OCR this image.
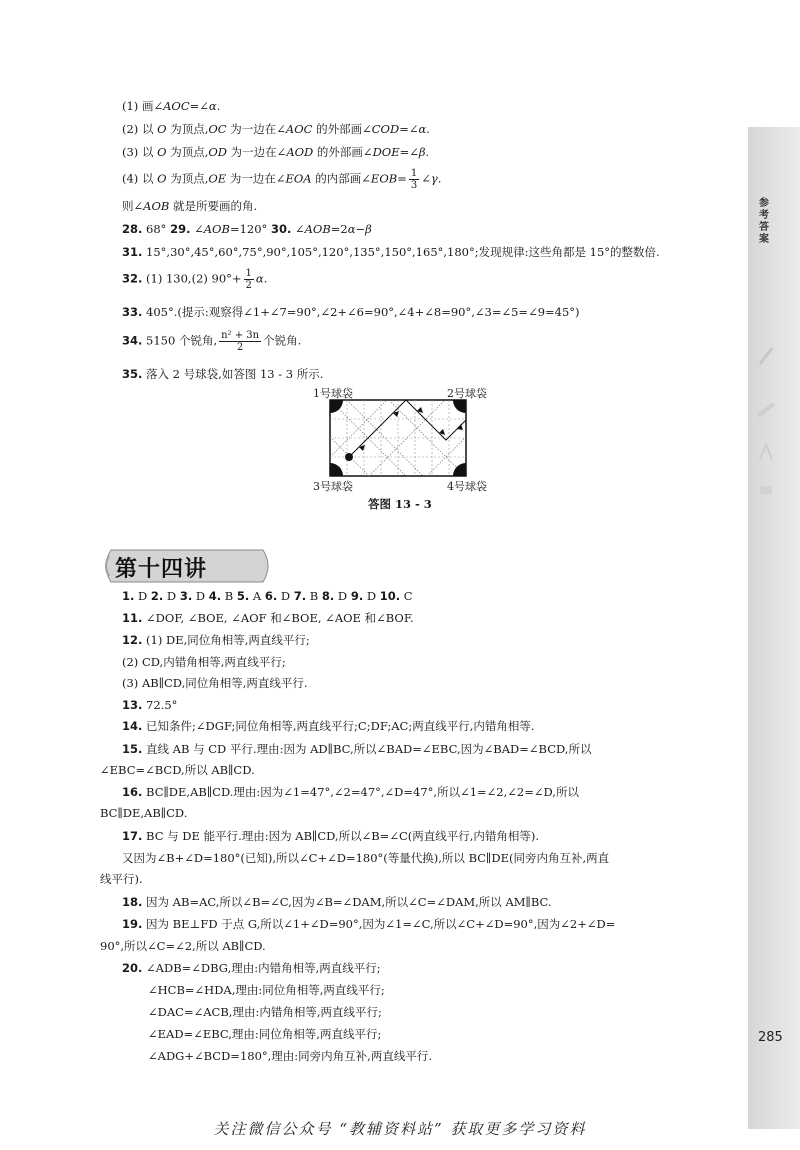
参
考
答
案
285
(1) 画∠AOC=∠α.
(2) 以 O 为顶点,OC 为一边在∠AOC 的外部画∠COD=∠α.
(3) 以 O 为顶点,OD 为一边在∠AOD 的外部画∠DOE=∠β.
(4) 以 O 为顶点,OE 为一边在∠EOA 的内部画∠EOB= $\frac{1}{3}$ ∠γ.
则∠AOB 就是所要画的角.
28. 68° 29. ∠AOB=120° 30. ∠AOB=2α−β
31. 15°,30°,45°,60°,75°,90°,105°,120°,135°,150°,165°,180°;发现规律:这些角都是 15°的整数倍.
32. (1) 130,(2) $90^\circ+ \frac{1}{2} \alpha$.
33. 405°.(提示:观察得∠1+∠7=90°,∠2+∠6=90°,∠4+∠8=90°,∠3=∠5=∠9=45°)
34. 5150 个锐角, $\frac{\text{n² + 3n}}{2}$ 个锐角.
35. 落入 2 号球袋,如答图 13 - 3 所示.
1号球袋	2号球袋
3号球袋	4号球袋
答图 13 - 3
第十四讲
1. D 2. D 3. D 4. B 5. A 6. D 7. B 8. D 9. D 10. C
11. ∠DOF, ∠BOE, ∠AOF 和∠BOE, ∠AOE 和∠BOF.
12. (1) DE,同位角相等,两直线平行;
(2) CD,内错角相等,两直线平行;
(3) AB∥CD,同位角相等,两直线平行.
13. 72.5°
14. 已知条件;∠DGF;同位角相等,两直线平行;C;DF;AC;两直线平行,内错角相等.
15. 直线 AB 与 CD 平行.理由:因为 AD∥BC,所以∠BAD=∠EBC,因为∠BAD=∠BCD,所以
∠EBC=∠BCD,所以 AB∥CD.
16. BC∥DE,AB∥CD.理由:因为∠1=47°,∠2=47°,∠D=47°,所以∠1=∠2,∠2=∠D,所以
BC∥DE,AB∥CD.
17. BC 与 DE 能平行.理由:因为 AB∥CD,所以∠B=∠C(两直线平行,内错角相等).
又因为∠B+∠D=180°(已知),所以∠C+∠D=180°(等量代换),所以 BC∥DE(同旁内角互补,两直
线平行).
18. 因为 AB=AC,所以∠B=∠C,因为∠B=∠DAM,所以∠C=∠DAM,所以 AM∥BC.
19. 因为 BE⊥FD 于点 G,所以∠1+∠D=90°,因为∠1=∠C,所以∠C+∠D=90°,因为∠2+∠D=
90°,所以∠C=∠2,所以 AB∥CD.
20. ∠ADB=∠DBG,理由:内错角相等,两直线平行;
∠HCB=∠HDA,理由:同位角相等,两直线平行;
∠DAC=∠ACB,理由:内错角相等,两直线平行;
∠EAD=∠EBC,理由:同位角相等,两直线平行;
∠ADG+∠BCD=180°,理由:同旁内角互补,两直线平行.
关注微信公众号 “教辅资料站” 获取更多学习资料
